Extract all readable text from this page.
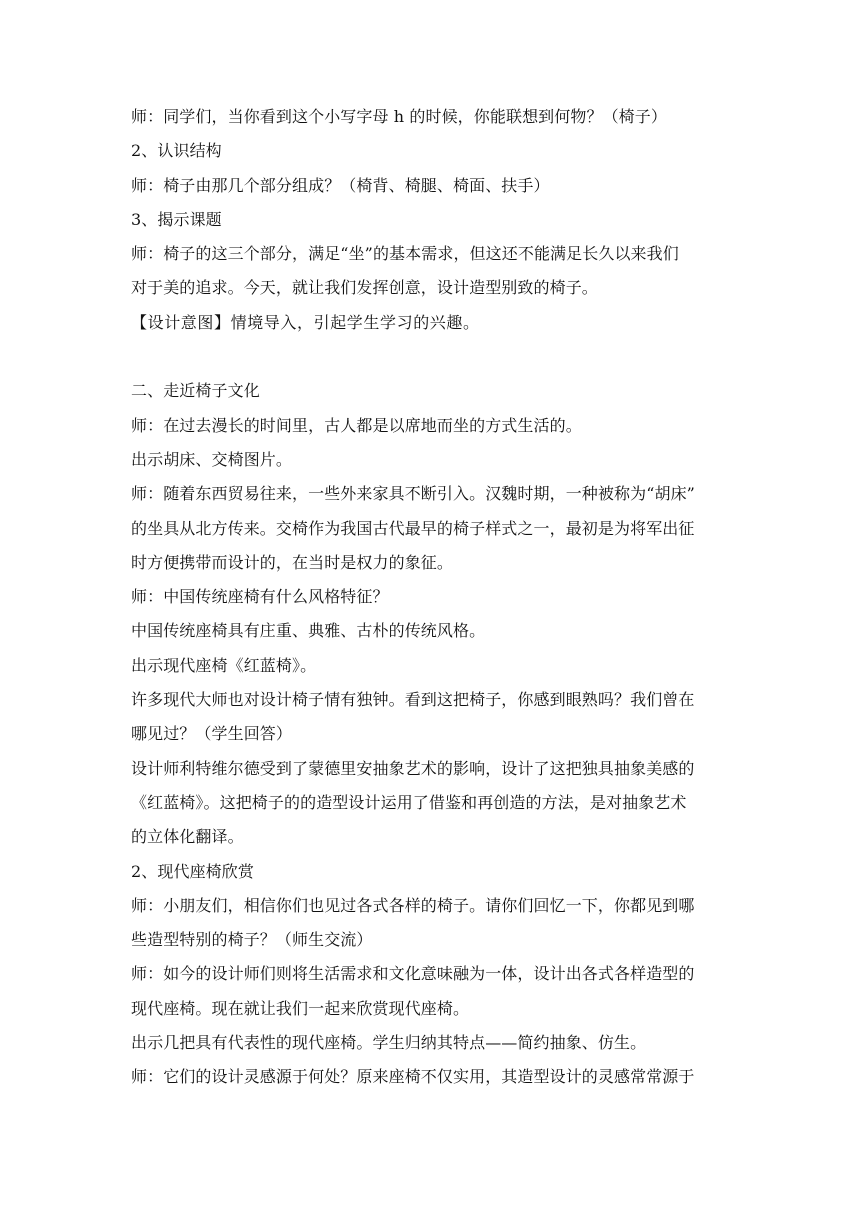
师：同学们，当你看到这个小写字母 h 的时候，你能联想到何物？（椅子）
2、认识结构
师：椅子由那几个部分组成？（椅背、椅腿、椅面、扶手）
3、揭示课题
师：椅子的这三个部分，满足“坐”的基本需求，但这还不能满足长久以来我们
对于美的追求。今天，就让我们发挥创意，设计造型别致的椅子。
【设计意图】情境导入，引起学生学习的兴趣。
二、走近椅子文化
师：在过去漫长的时间里，古人都是以席地而坐的方式生活的。
出示胡床、交椅图片。
师：随着东西贸易往来，一些外来家具不断引入。汉魏时期，一种被称为“胡床”
的坐具从北方传来。交椅作为我国古代最早的椅子样式之一，最初是为将军出征
时方便携带而设计的，在当时是权力的象征。
师：中国传统座椅有什么风格特征？
中国传统座椅具有庄重、典雅、古朴的传统风格。
出示现代座椅《红蓝椅》。
许多现代大师也对设计椅子情有独钟。看到这把椅子，你感到眼熟吗？我们曾在
哪见过？（学生回答）
设计师利特维尔德受到了蒙德里安抽象艺术的影响，设计了这把独具抽象美感的
《红蓝椅》。这把椅子的的造型设计运用了借鉴和再创造的方法，是对抽象艺术
的立体化翻译。
2、现代座椅欣赏
师：小朋友们，相信你们也见过各式各样的椅子。请你们回忆一下，你都见到哪
些造型特别的椅子？（师生交流）
师：如今的设计师们则将生活需求和文化意味融为一体，设计出各式各样造型的
现代座椅。现在就让我们一起来欣赏现代座椅。
出示几把具有代表性的现代座椅。学生归纳其特点——简约抽象、仿生。
师：它们的设计灵感源于何处？原来座椅不仅实用，其造型设计的灵感常常源于
